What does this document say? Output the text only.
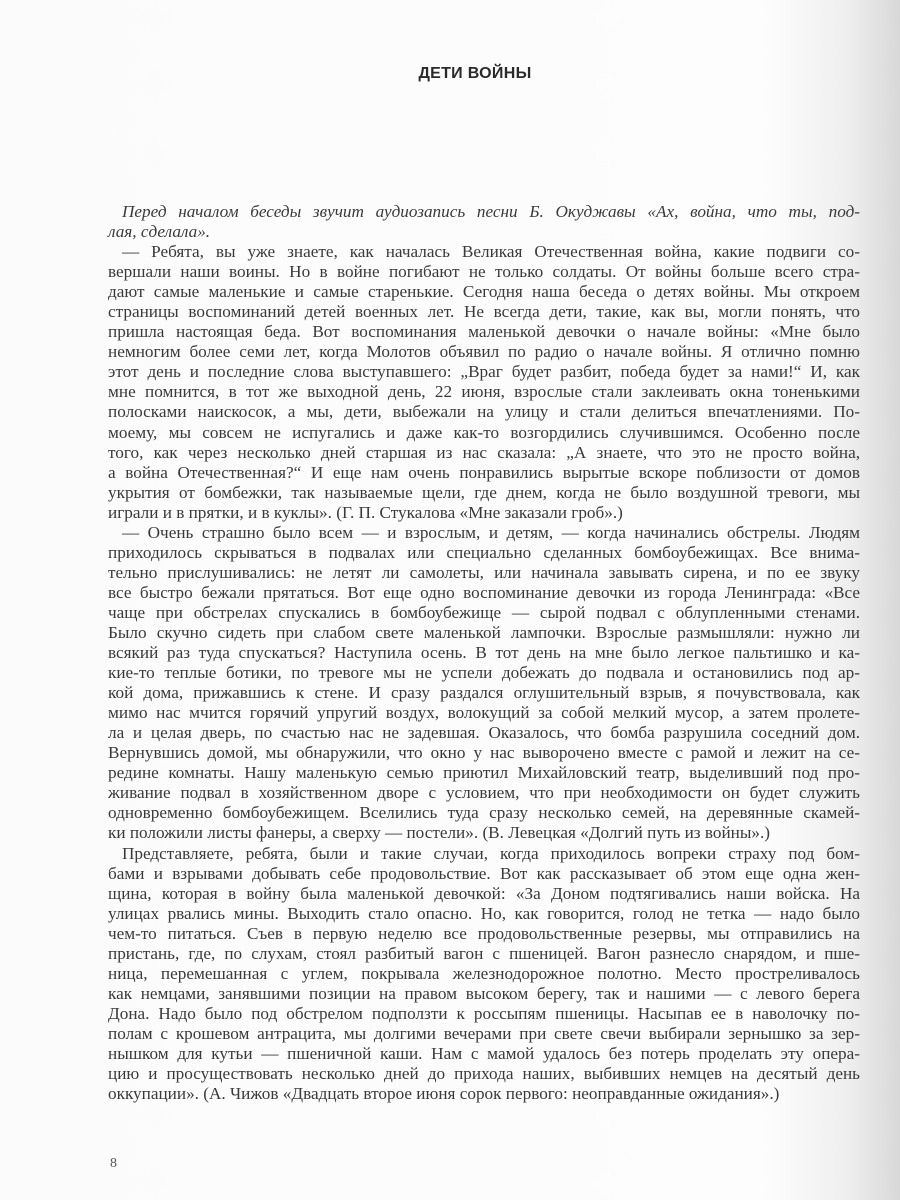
ДЕТИ ВОЙНЫ
Перед началом беседы звучит аудиозапись песни Б. Окуджавы «Ах, война, что ты, под-
лая, сделала».
— Ребята, вы уже знаете, как началась Великая Отечественная война, какие подвиги со-
вершали наши воины. Но в войне погибают не только солдаты. От войны больше всего стра-
дают самые маленькие и самые старенькие. Сегодня наша беседа о детях войны. Мы откроем
страницы воспоминаний детей военных лет. Не всегда дети, такие, как вы, могли понять, что
пришла настоящая беда. Вот воспоминания маленькой девочки о начале войны: «Мне было
немногим более семи лет, когда Молотов объявил по радио о начале войны. Я отлично помню
этот день и последние слова выступавшего: „Враг будет разбит, победа будет за нами!“ И, как
мне помнится, в тот же выходной день, 22 июня, взрослые стали заклеивать окна тоненькими
полосками наискосок, а мы, дети, выбежали на улицу и стали делиться впечатлениями. По-
моему, мы совсем не испугались и даже как-то возгордились случившимся. Особенно после
того, как через несколько дней старшая из нас сказала: „А знаете, что это не просто война,
а война Отечественная?“ И еще нам очень понравились вырытые вскоре поблизости от домов
укрытия от бомбежки, так называемые щели, где днем, когда не было воздушной тревоги, мы
играли и в прятки, и в куклы». (Г. П. Стукалова «Мне заказали гроб».)
— Очень страшно было всем — и взрослым, и детям, — когда начинались обстрелы. Людям
приходилось скрываться в подвалах или специально сделанных бомбоубежищах. Все внима-
тельно прислушивались: не летят ли самолеты, или начинала завывать сирена, и по ее звуку
все быстро бежали прятаться. Вот еще одно воспоминание девочки из города Ленинграда: «Все
чаще при обстрелах спускались в бомбоубежище — сырой подвал с облупленными стенами.
Было скучно сидеть при слабом свете маленькой лампочки. Взрослые размышляли: нужно ли
всякий раз туда спускаться? Наступила осень. В тот день на мне было легкое пальтишко и ка-
кие-то теплые ботики, по тревоге мы не успели добежать до подвала и остановились под ар-
кой дома, прижавшись к стене. И сразу раздался оглушительный взрыв, я почувствовала, как
мимо нас мчится горячий упругий воздух, волокущий за собой мелкий мусор, а затем пролете-
ла и целая дверь, по счастью нас не задевшая. Оказалось, что бомба разрушила соседний дом.
Вернувшись домой, мы обнаружили, что окно у нас выворочено вместе с рамой и лежит на се-
редине комнаты. Нашу маленькую семью приютил Михайловский театр, выделивший под про-
живание подвал в хозяйственном дворе с условием, что при необходимости он будет служить
одновременно бомбоубежищем. Вселились туда сразу несколько семей, на деревянные скамей-
ки положили листы фанеры, а сверху — постели». (В. Левецкая «Долгий путь из войны».)
Представляете, ребята, были и такие случаи, когда приходилось вопреки страху под бом-
бами и взрывами добывать себе продовольствие. Вот как рассказывает об этом еще одна жен-
щина, которая в войну была маленькой девочкой: «За Доном подтягивались наши войска. На
улицах рвались мины. Выходить стало опасно. Но, как говорится, голод не тетка — надо было
чем-то питаться. Съев в первую неделю все продовольственные резервы, мы отправились на
пристань, где, по слухам, стоял разбитый вагон с пшеницей. Вагон разнесло снарядом, и пше-
ница, перемешанная с углем, покрывала железнодорожное полотно. Место простреливалось
как немцами, занявшими позиции на правом высоком берегу, так и нашими — с левого берега
Дона. Надо было под обстрелом подползти к россыпям пшеницы. Насыпав ее в наволочку по-
полам с крошевом антрацита, мы долгими вечерами при свете свечи выбирали зернышко за зер-
нышком для кутьи — пшеничной каши. Нам с мамой удалось без потерь проделать эту опера-
цию и просуществовать несколько дней до прихода наших, выбивших немцев на десятый день
оккупации». (А. Чижов «Двадцать второе июня сорок первого: неоправданные ожидания».)
8
